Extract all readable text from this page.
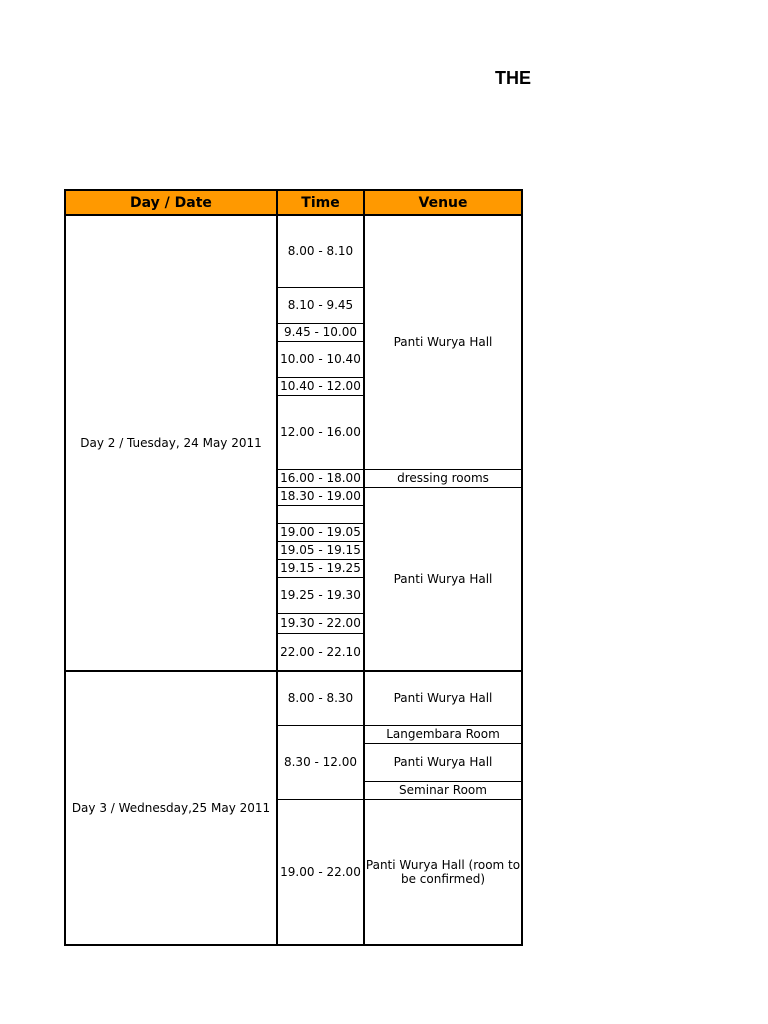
THE
Day / Date	Time	Venue
Day 2 / Tuesday, 24 May 2011
Day 3 / Wednesday,25 May 2011
8.00 - 8.10
8.10 - 9.45
9.45 - 10.00
10.00 - 10.40
10.40 - 12.00
12.00 - 16.00
16.00 - 18.00
18.30 - 19.00
19.00 - 19.05
19.05 - 19.15
19.15 - 19.25
19.25 - 19.30
19.30 - 22.00
22.00 - 22.10
8.00 - 8.30
8.30 - 12.00
19.00 - 22.00
Panti Wurya Hall
dressing rooms
Panti Wurya Hall
Panti Wurya Hall
Langembara Room
Panti Wurya Hall
Seminar Room
Panti Wurya Hall (room to be confirmed)
